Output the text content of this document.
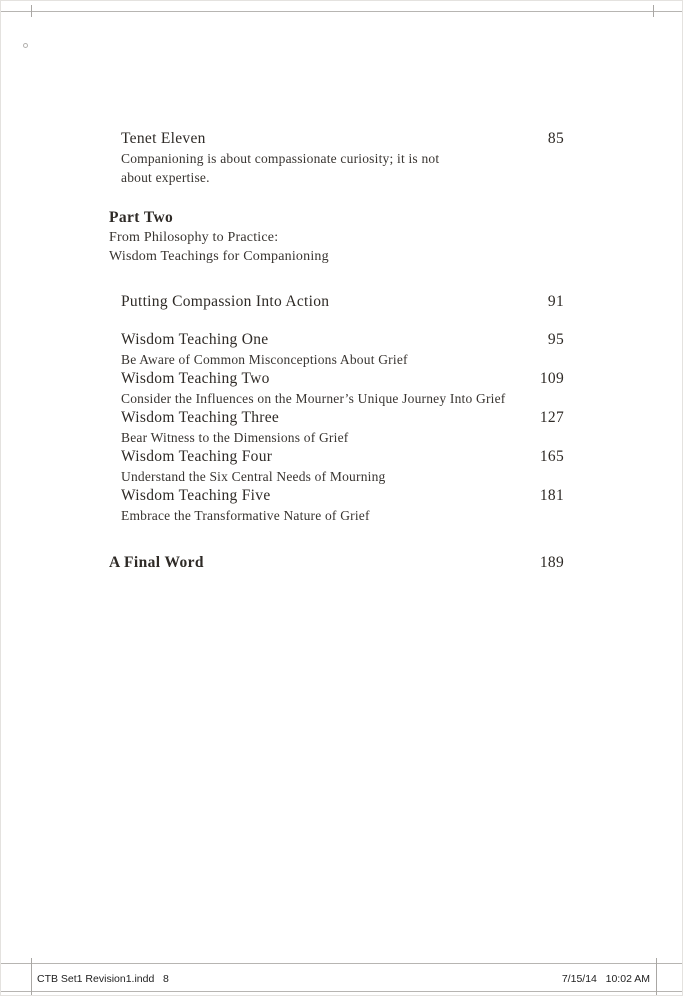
Tenet Eleven	85
Companioning is about compassionate curiosity; it is not
about expertise.
Part Two
From Philosophy to Practice:
Wisdom Teachings for Companioning
Putting Compassion Into Action	91
Wisdom Teaching One	95
Be Aware of Common Misconceptions About Grief
Wisdom Teaching Two	109
Consider the Influences on the Mourner’s Unique Journey Into Grief
Wisdom Teaching Three	127
Bear Witness to the Dimensions of Grief
Wisdom Teaching Four	165
Understand the Six Central Needs of Mourning
Wisdom Teaching Five	181
Embrace the Transformative Nature of Grief
A Final Word	189
CTB Set1 Revision1.indd   8	7/15/14   10:02 AM
